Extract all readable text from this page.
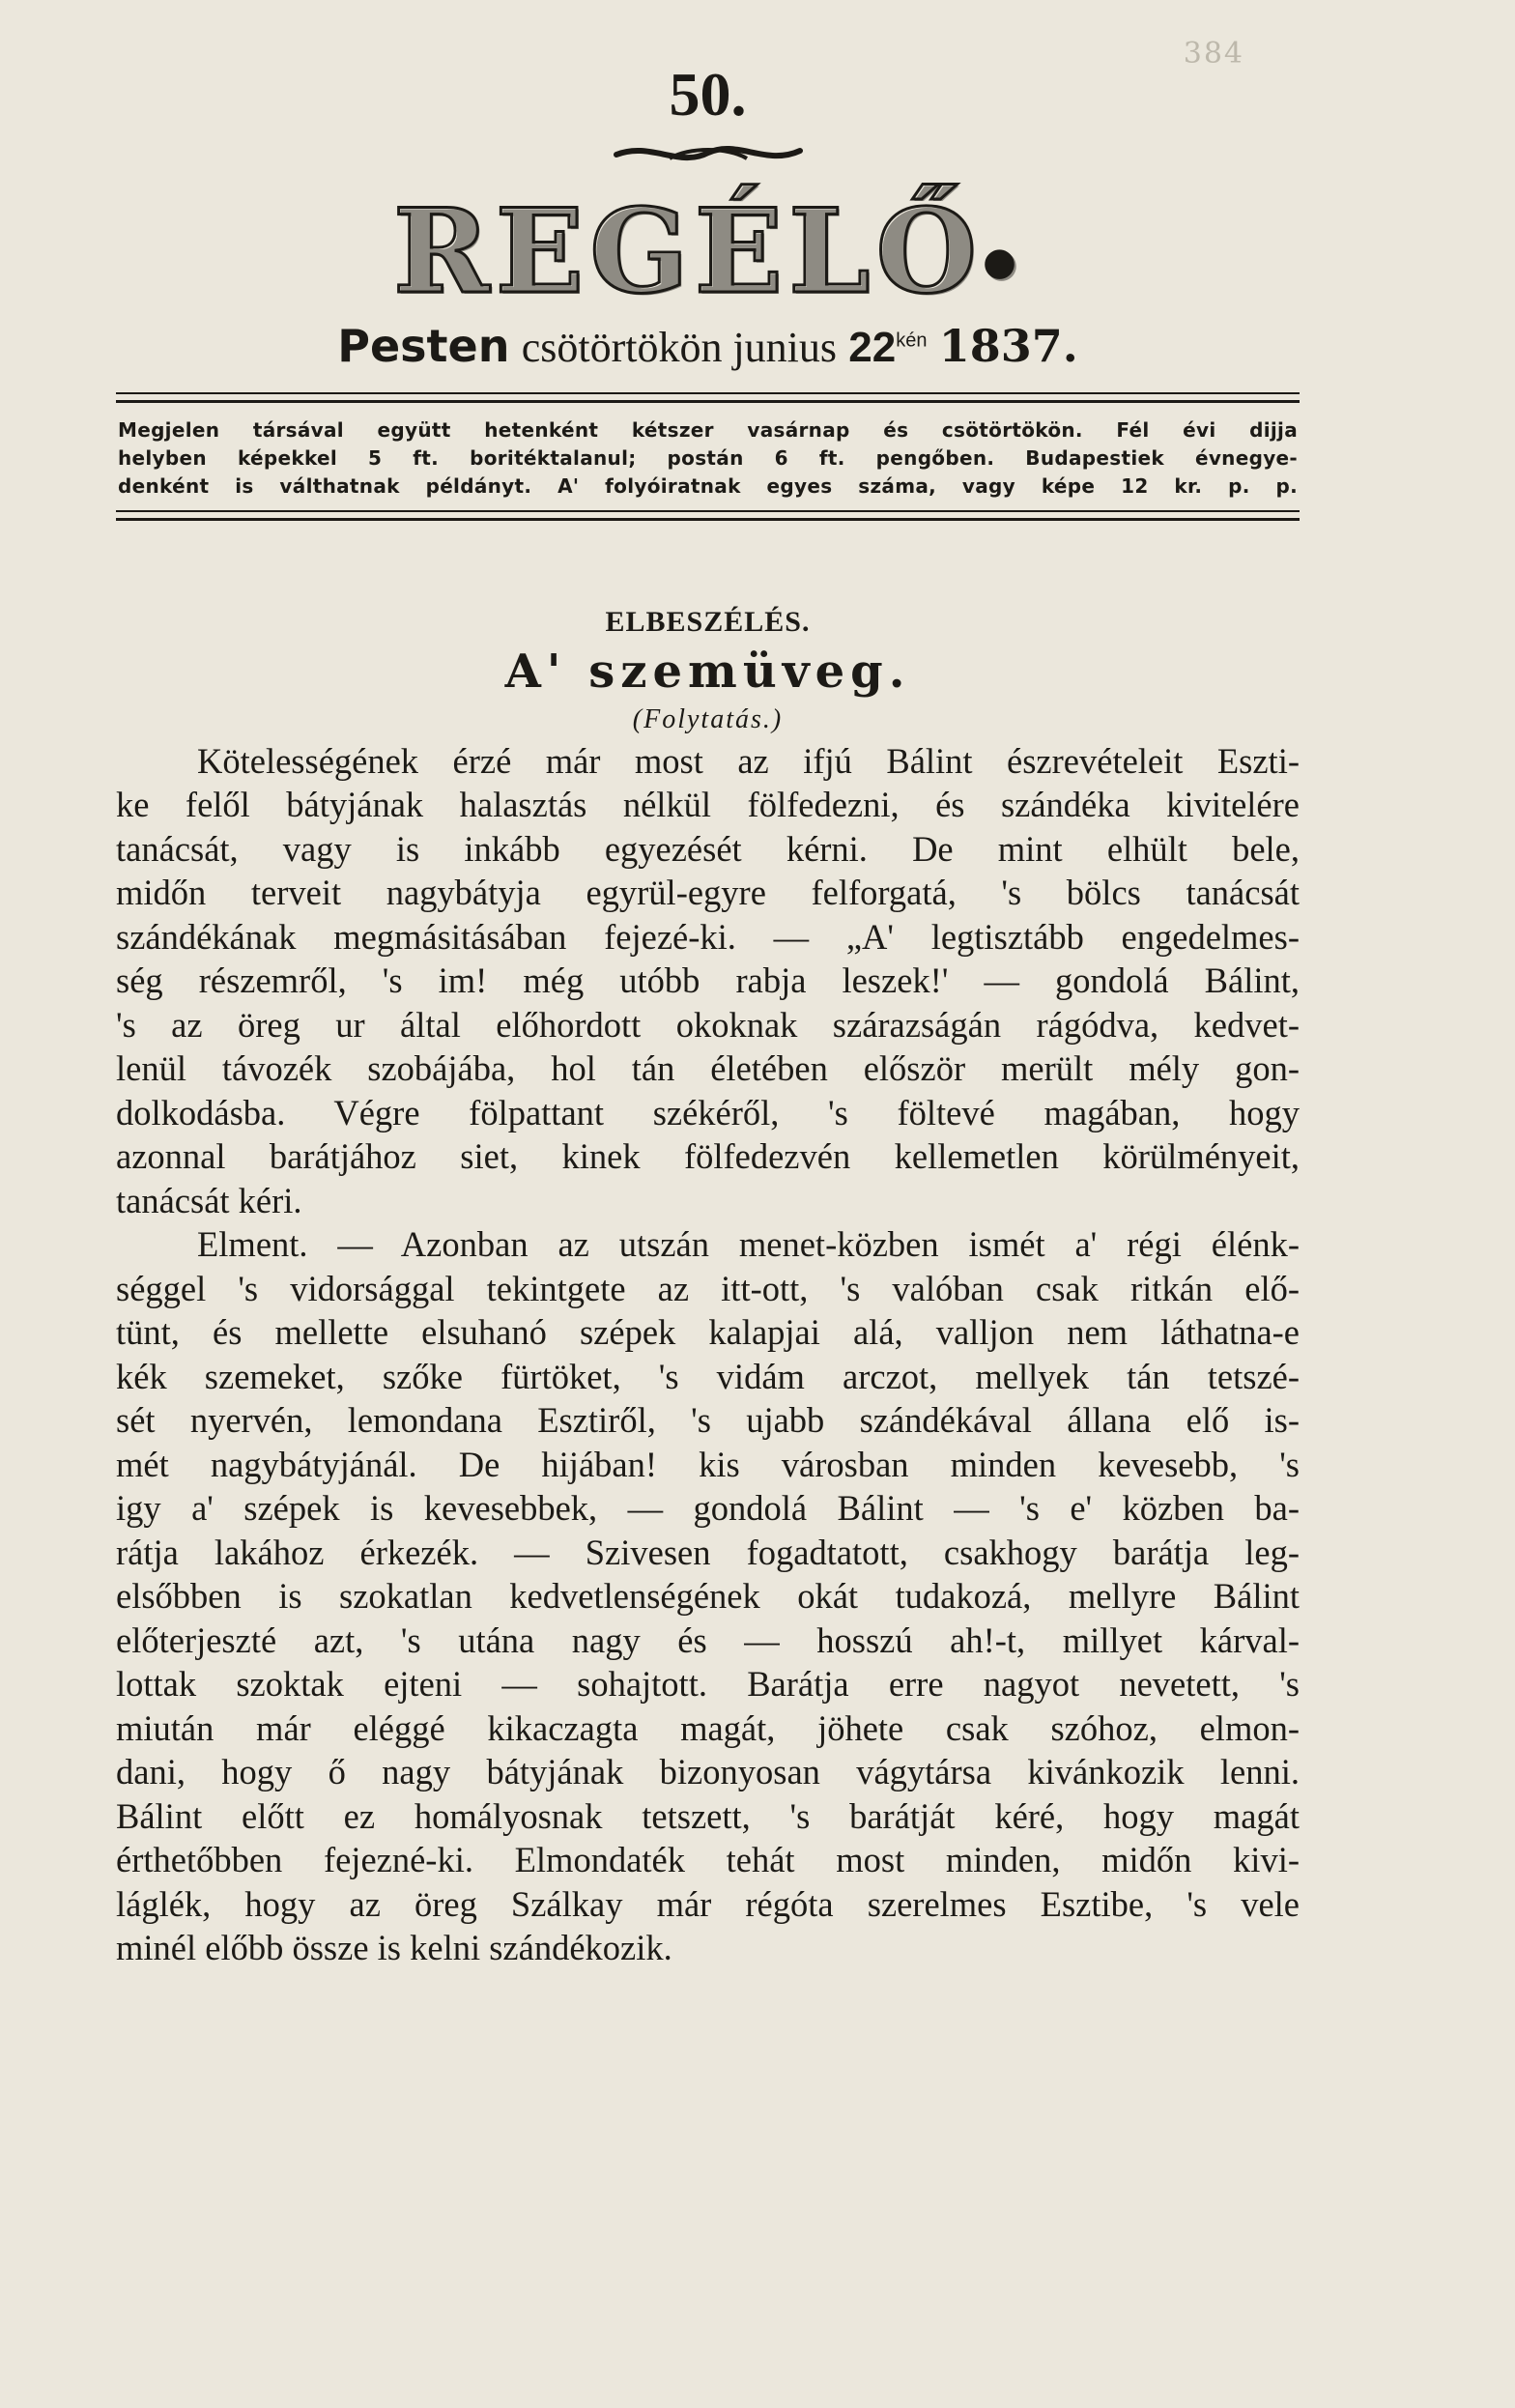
384
50.
REGÉLŐ●
Pesten csötörtökön junius $22^{kén}$ 1837.
Megjelen társával együtt hetenként kétszer vasárnap és csötörtökön. Fél évi dijja
helyben képekkel 5 ft. boritéktalanul; postán 6 ft. pengőben. Budapestiek évnegye-
denként is válthatnak példányt. A' folyóiratnak egyes száma, vagy képe 12 kr. p. p.
ELBESZÉLÉS.
A' szemüveg.
(Folytatás.)
Kötelességének érzé már most az ifjú Bálint észrevételeit Eszti-
ke felől bátyjának halasztás nélkül fölfedezni, és szándéka kivitelére
tanácsát, vagy is inkább egyezését kérni. De mint elhült bele,
midőn terveit nagybátyja egyrül-egyre felforgatá, 's bölcs tanácsát
szándékának megmásitásában fejezé-ki. — „A' legtisztább engedelmes-
ség részemről, 's im! még utóbb rabja leszek!' — gondolá Bálint,
's az öreg ur által előhordott okoknak szárazságán rágódva, kedvet-
lenül távozék szobájába, hol tán életében először merült mély gon-
dolkodásba. Végre fölpattant székéről, 's föltevé magában, hogy
azonnal barátjához siet, kinek fölfedezvén kellemetlen körülményeit,
tanácsát kéri.
Elment. — Azonban az utszán menet-közben ismét a' régi élénk-
séggel 's vidorsággal tekintgete az itt-ott, 's valóban csak ritkán elő-
tünt, és mellette elsuhanó szépek kalapjai alá, valljon nem láthatna-e
kék szemeket, szőke fürtöket, 's vidám arczot, mellyek tán tetszé-
sét nyervén, lemondana Esztiről, 's ujabb szándékával állana elő is-
mét nagybátyjánál. De hijában! kis városban minden kevesebb, 's
igy a' szépek is kevesebbek, — gondolá Bálint — 's e' közben ba-
rátja lakához érkezék. — Szivesen fogadtatott, csakhogy barátja leg-
elsőbben is szokatlan kedvetlenségének okát tudakozá, mellyre Bálint
előterjeszté azt, 's utána nagy és — hosszú ah!-t, millyet kárval-
lottak szoktak ejteni — sohajtott. Barátja erre nagyot nevetett, 's
miután már eléggé kikaczagta magát, jöhete csak szóhoz, elmon-
dani, hogy ő nagy bátyjának bizonyosan vágytársa kivánkozik lenni.
Bálint előtt ez homályosnak tetszett, 's barátját kéré, hogy magát
érthetőbben fejezné-ki. Elmondaték tehát most minden, midőn kivi-
láglék, hogy az öreg Szálkay már régóta szerelmes Esztibe, 's vele
minél előbb össze is kelni szándékozik.
